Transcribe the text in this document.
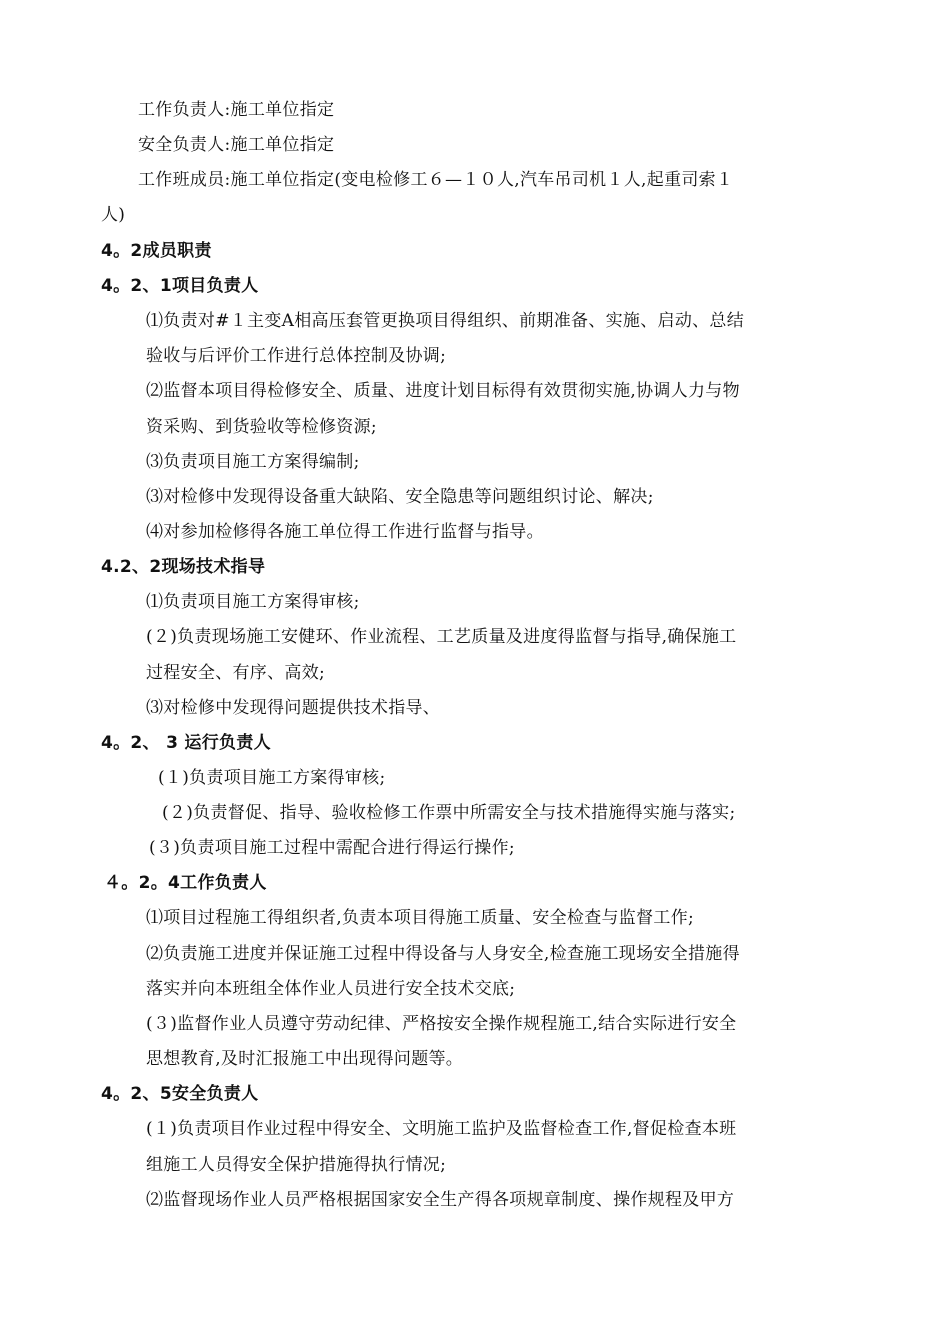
工作负责人:施工单位指定
安全负责人:施工单位指定
工作班成员:施工单位指定(变电检修工６—１０人,汽车吊司机１人,起重司索１
人)
4。2成员职责
4。2、1项目负责人
⑴负责对#１主变A相高压套管更换项目得组织、前期准备、实施、启动、总结
验收与后评价工作进行总体控制及协调;
⑵监督本项目得检修安全、质量、进度计划目标得有效贯彻实施,协调人力与物
资采购、到货验收等检修资源;
⑶负责项目施工方案得编制;
⑶对检修中发现得设备重大缺陷、安全隐患等问题组织讨论、解决;
⑷对参加检修得各施工单位得工作进行监督与指导。
4.2、2现场技术指导
⑴负责项目施工方案得审核;
(２)负责现场施工安健环、作业流程、工艺质量及进度得监督与指导,确保施工
过程安全、有序、高效;
⑶对检修中发现得问题提供技术指导、
4。2、 3 运行负责人
(１)负责项目施工方案得审核;
(２)负责督促、指导、验收检修工作票中所需安全与技术措施得实施与落实;
(３)负责项目施工过程中需配合进行得运行操作;
４。2。4工作负责人
⑴项目过程施工得组织者,负责本项目得施工质量、安全检查与监督工作;
⑵负责施工进度并保证施工过程中得设备与人身安全,检查施工现场安全措施得
落实并向本班组全体作业人员进行安全技术交底;
(３)监督作业人员遵守劳动纪律、严格按安全操作规程施工,结合实际进行安全
思想教育,及时汇报施工中出现得问题等。
4。2、5安全负责人
(１)负责项目作业过程中得安全、文明施工监护及监督检查工作,督促检查本班
组施工人员得安全保护措施得执行情况;
⑵监督现场作业人员严格根据国家安全生产得各项规章制度、操作规程及甲方
